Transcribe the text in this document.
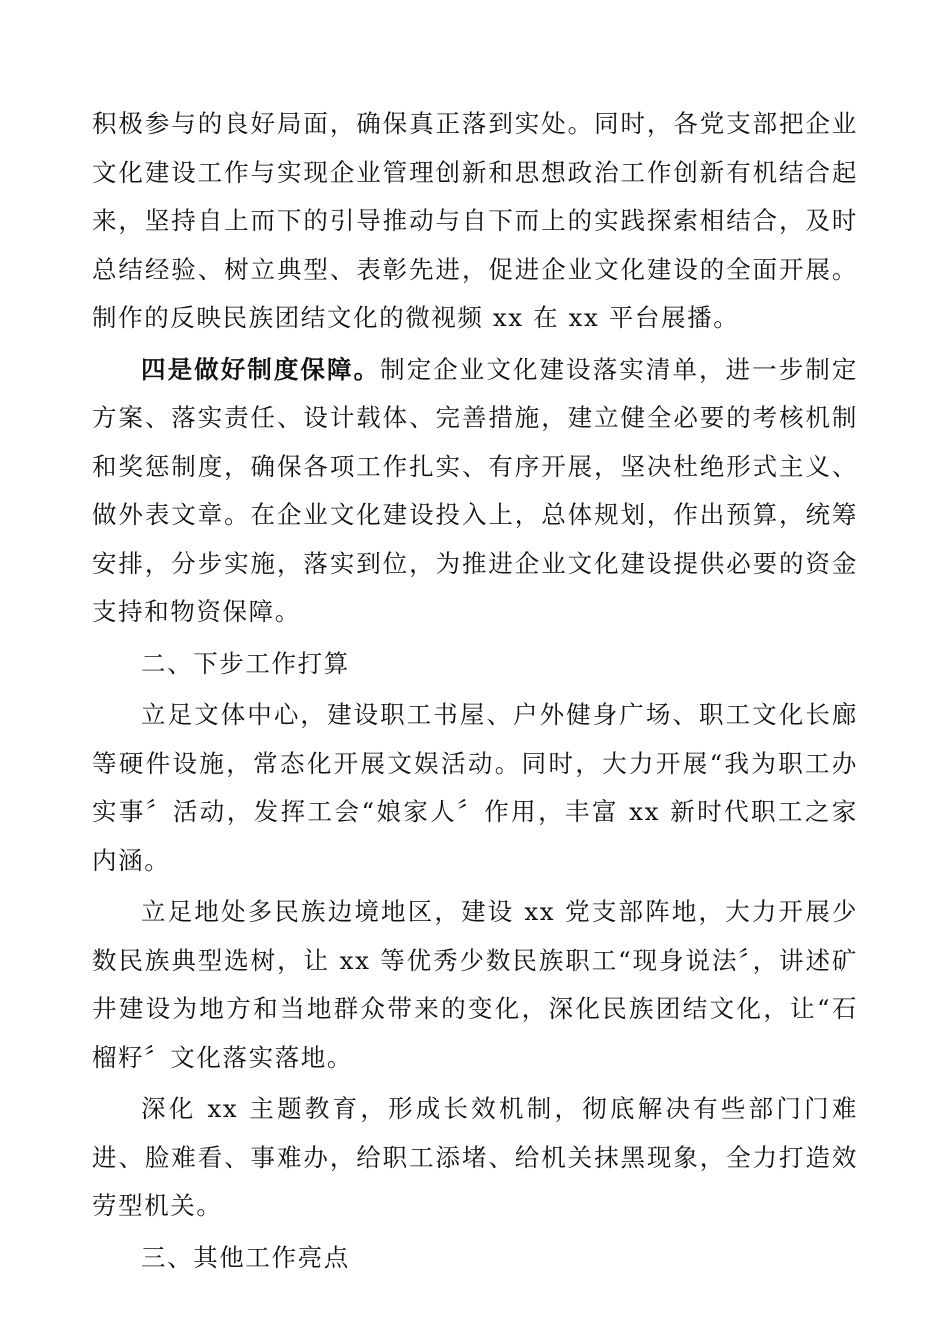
积极参与的良好局面，确保真正落到实处。同时，各党支部把企业文化建设工作与实现企业管理创新和思想政治工作创新有机结合起来，坚持自上而下的引导推动与自下而上的实践探索相结合，及时总结经验、树立典型、表彰先进，促进企业文化建设的全面开展。制作的反映民族团结文化的微视频 xx 在 xx 平台展播。

四是做好制度保障。制定企业文化建设落实清单，进一步制定方案、落实责任、设计载体、完善措施，建立健全必要的考核机制和奖惩制度，确保各项工作扎实、有序开展，坚决杜绝形式主义、做外表文章。在企业文化建设投入上，总体规划，作出预算，统筹安排，分步实施，落实到位，为推进企业文化建设提供必要的资金支持和物资保障。

二、下步工作打算

立足文体中心，建设职工书屋、户外健身广场、职工文化长廊等硬件设施，常态化开展文娱活动。同时，大力开展“我为职工办实事〞活动，发挥工会“娘家人〞作用，丰富 xx 新时代职工之家内涵。

立足地处多民族边境地区，建设 xx 党支部阵地，大力开展少数民族典型选树，让 xx 等优秀少数民族职工“现身说法〞，讲述矿井建设为地方和当地群众带来的变化，深化民族团结文化，让“石榴籽〞文化落实落地。

深化 xx 主题教育，形成长效机制，彻底解决有些部门门难进、脸难看、事难办，给职工添堵、给机关抹黑现象，全力打造效劳型机关。

三、其他工作亮点
